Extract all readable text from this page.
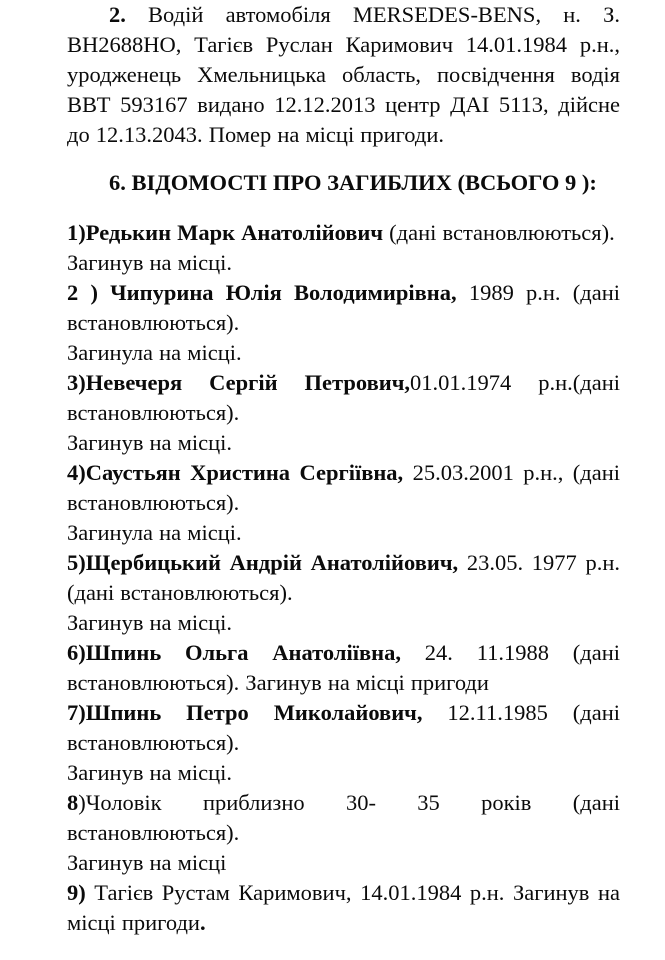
2. Водій автомобіля MERSEDES-BENS, н. З. ВН2688НО, Тагієв Руслан Каримович 14.01.1984 р.н., уродженець Хмельницька область, посвідчення водія ВВТ 593167 видано 12.12.2013 центр ДАІ 5113, дійсне до 12.13.2043. Помер на місці пригоди.

6. ВІДОМОСТІ ПРО ЗАГИБЛИХ (ВСЬОГО 9 ):

1)Редькин Марк Анатолійович (дані встановлюються).

Загинув на місці.

2 ) Чипурина Юлія Володимирівна, 1989 р.н. (дані встановлюються).

Загинула на місці.

3)Невечеря Сергій Петрович,01.01.1974 р.н.(дані встановлюються).

Загинув на місці.

4)Саустьян Христина Сергіївна, 25.03.2001 р.н., (дані встановлюються).

Загинула на місці.

5)Щербицький Андрій Анатолійович, 23.05. 1977 р.н. (дані встановлюються).

Загинув на місці.

6)Шпинь Ольга Анатоліївна, 24. 11.1988 (дані встановлюються). Загинув на місці пригоди

7)Шпинь Петро Миколайович, 12.11.1985 (дані встановлюються).

Загинув на місці.

8)Чоловік приблизно 30- 35 років (дані встановлюються).

Загинув на місці

9) Тагієв Рустам Каримович, 14.01.1984 р.н. Загинув на місці пригоди.
